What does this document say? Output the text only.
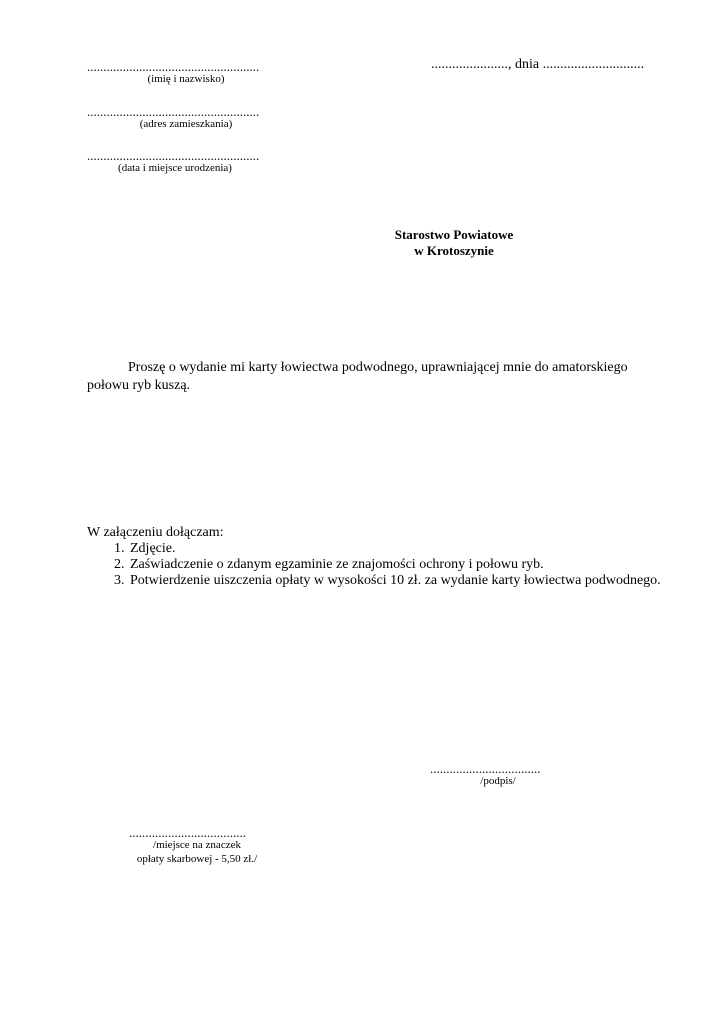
.....................................................
(imię i nazwisko)
.....................................................
(adres zamieszkania)
.....................................................
(data i miejsce urodzenia)
......................, dnia .............................
Starostwo Powiatowe
w Krotoszynie
Proszę o wydanie mi karty łowiectwa podwodnego, uprawniającej mnie do amatorskiego połowu ryb kuszą.
W załączeniu dołączam:
1. Zdjęcie.
2. Zaświadczenie o zdanym egzaminie ze znajomości ochrony i połowu ryb.
3. Potwierdzenie uiszczenia opłaty w wysokości 10 zł. za wydanie karty łowiectwa podwodnego.
..................................
/podpis/
....................................
/miejsce na znaczek
opłaty skarbowej - 5,50 zł./
